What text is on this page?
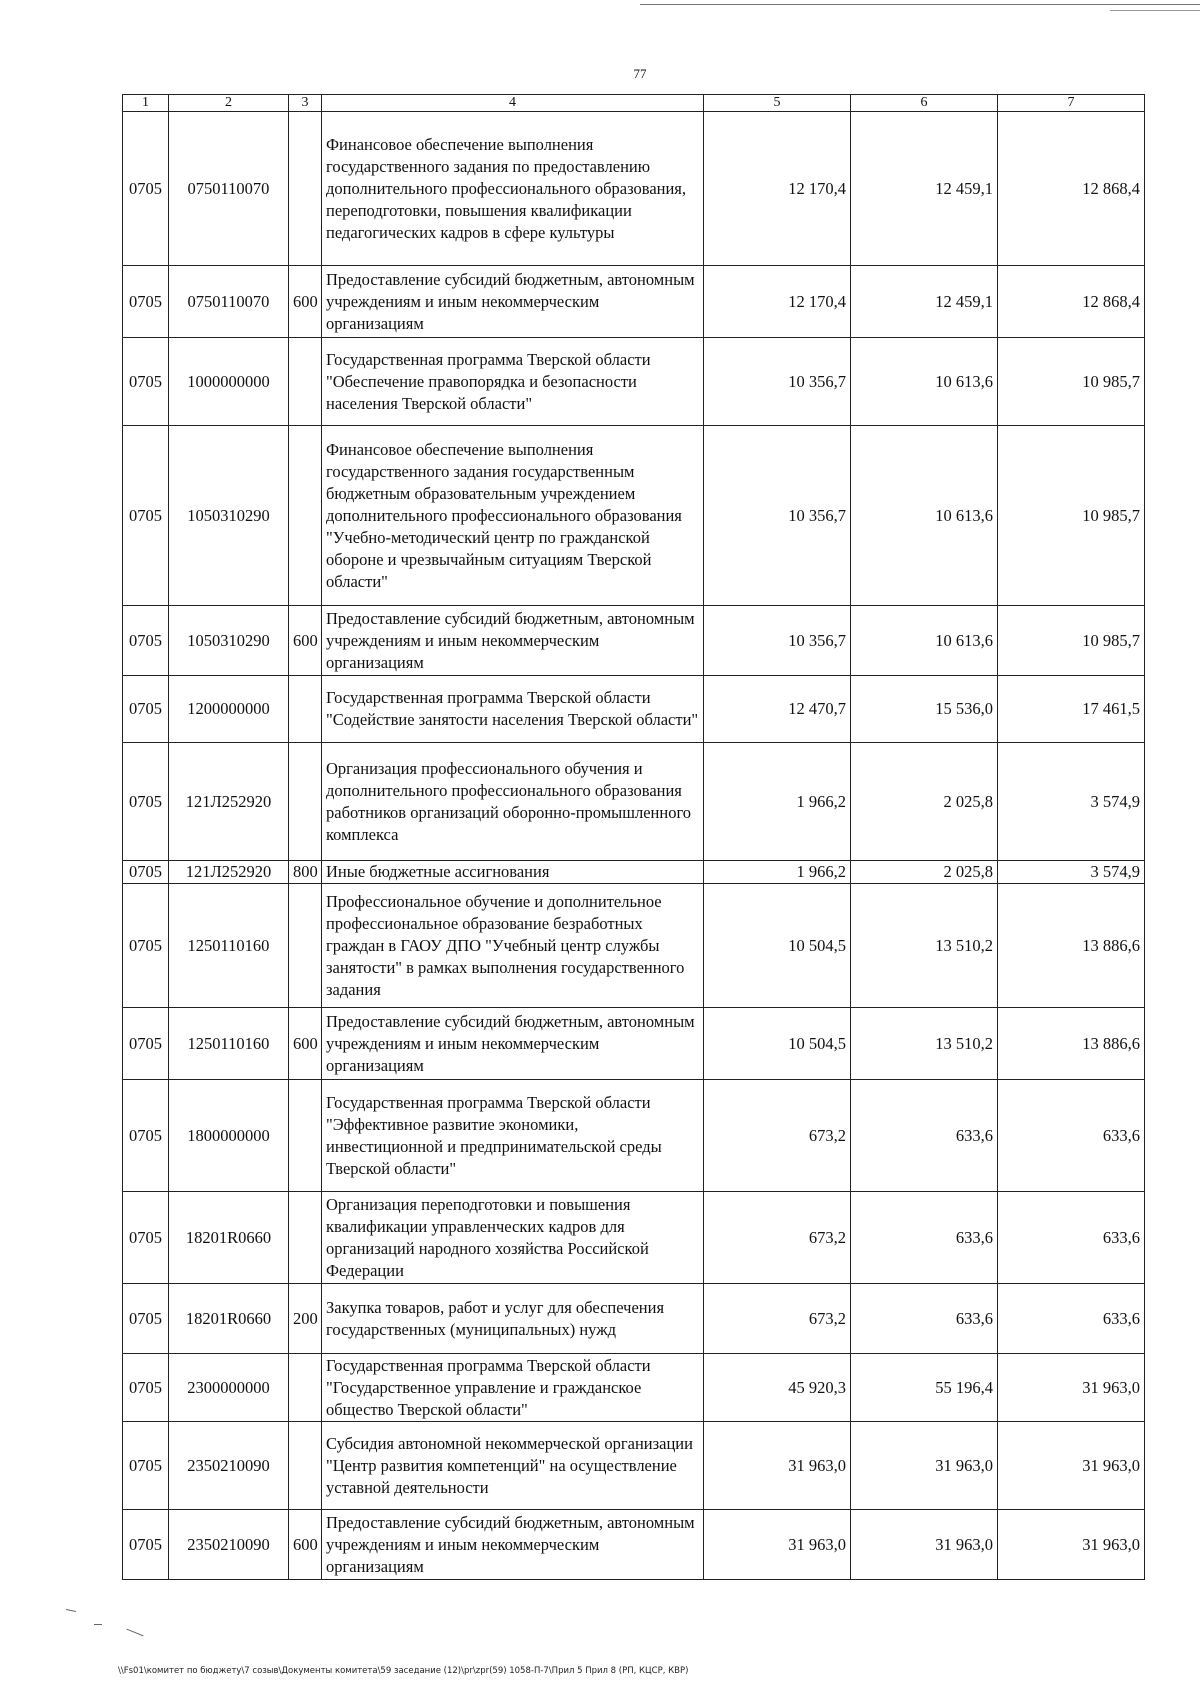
77
1	2	3	4	5	6	7
0705	0750110070		Финансовое обеспечение выполнения государственного задания по предоставлению дополнительного профессионального образования, переподготовки, повышения квалификации педагогических кадров в сфере культуры	12 170,4	12 459,1	12 868,4
0705	0750110070	600	Предоставление субсидий бюджетным, автономным учреждениям и иным некоммерческим организациям	12 170,4	12 459,1	12 868,4
0705	1000000000		Государственная программа Тверской области "Обеспечение правопорядка и безопасности населения Тверской области"	10 356,7	10 613,6	10 985,7
0705	1050310290		Финансовое обеспечение выполнения государственного задания государственным бюджетным образовательным учреждением дополнительного профессионального образования "Учебно-методический центр по гражданской обороне и чрезвычайным ситуациям Тверской области"	10 356,7	10 613,6	10 985,7
0705	1050310290	600	Предоставление субсидий бюджетным, автономным учреждениям и иным некоммерческим организациям	10 356,7	10 613,6	10 985,7
0705	1200000000		Государственная программа Тверской области "Содействие занятости населения Тверской области"	12 470,7	15 536,0	17 461,5
0705	121Л252920		Организация профессионального обучения и дополнительного профессионального образования работников организаций оборонно-промышленного комплекса	1 966,2	2 025,8	3 574,9
0705	121Л252920	800	Иные бюджетные ассигнования	1 966,2	2 025,8	3 574,9
0705	1250110160		Профессиональное обучение и дополнительное профессиональное образование безработных граждан в ГАОУ ДПО "Учебный центр службы занятости" в рамках выполнения государственного задания	10 504,5	13 510,2	13 886,6
0705	1250110160	600	Предоставление субсидий бюджетным, автономным учреждениям и иным некоммерческим организациям	10 504,5	13 510,2	13 886,6
0705	1800000000		Государственная программа Тверской области "Эффективное развитие экономики, инвестиционной и предпринимательской среды Тверской области"	673,2	633,6	633,6
0705	18201R0660		Организация переподготовки и повышения квалификации управленческих кадров для организаций народного хозяйства Российской Федерации	673,2	633,6	633,6
0705	18201R0660	200	Закупка товаров, работ и услуг для обеспечения государственных (муниципальных) нужд	673,2	633,6	633,6
0705	2300000000		Государственная программа Тверской области "Государственное управление и гражданское общество Тверской области"	45 920,3	55 196,4	31 963,0
0705	2350210090		Субсидия автономной некоммерческой организации "Центр развития компетенций" на осуществление уставной деятельности	31 963,0	31 963,0	31 963,0
0705	2350210090	600	Предоставление субсидий бюджетным, автономным учреждениям и иным некоммерческим организациям	31 963,0	31 963,0	31 963,0
\\Fs01\комитет по бюджету\7 созыв\Документы комитета\59 заседание (12)\pr\zpr(59) 1058-П-7\Прил 5 Прил 8 (РП, КЦСР, КВР)
